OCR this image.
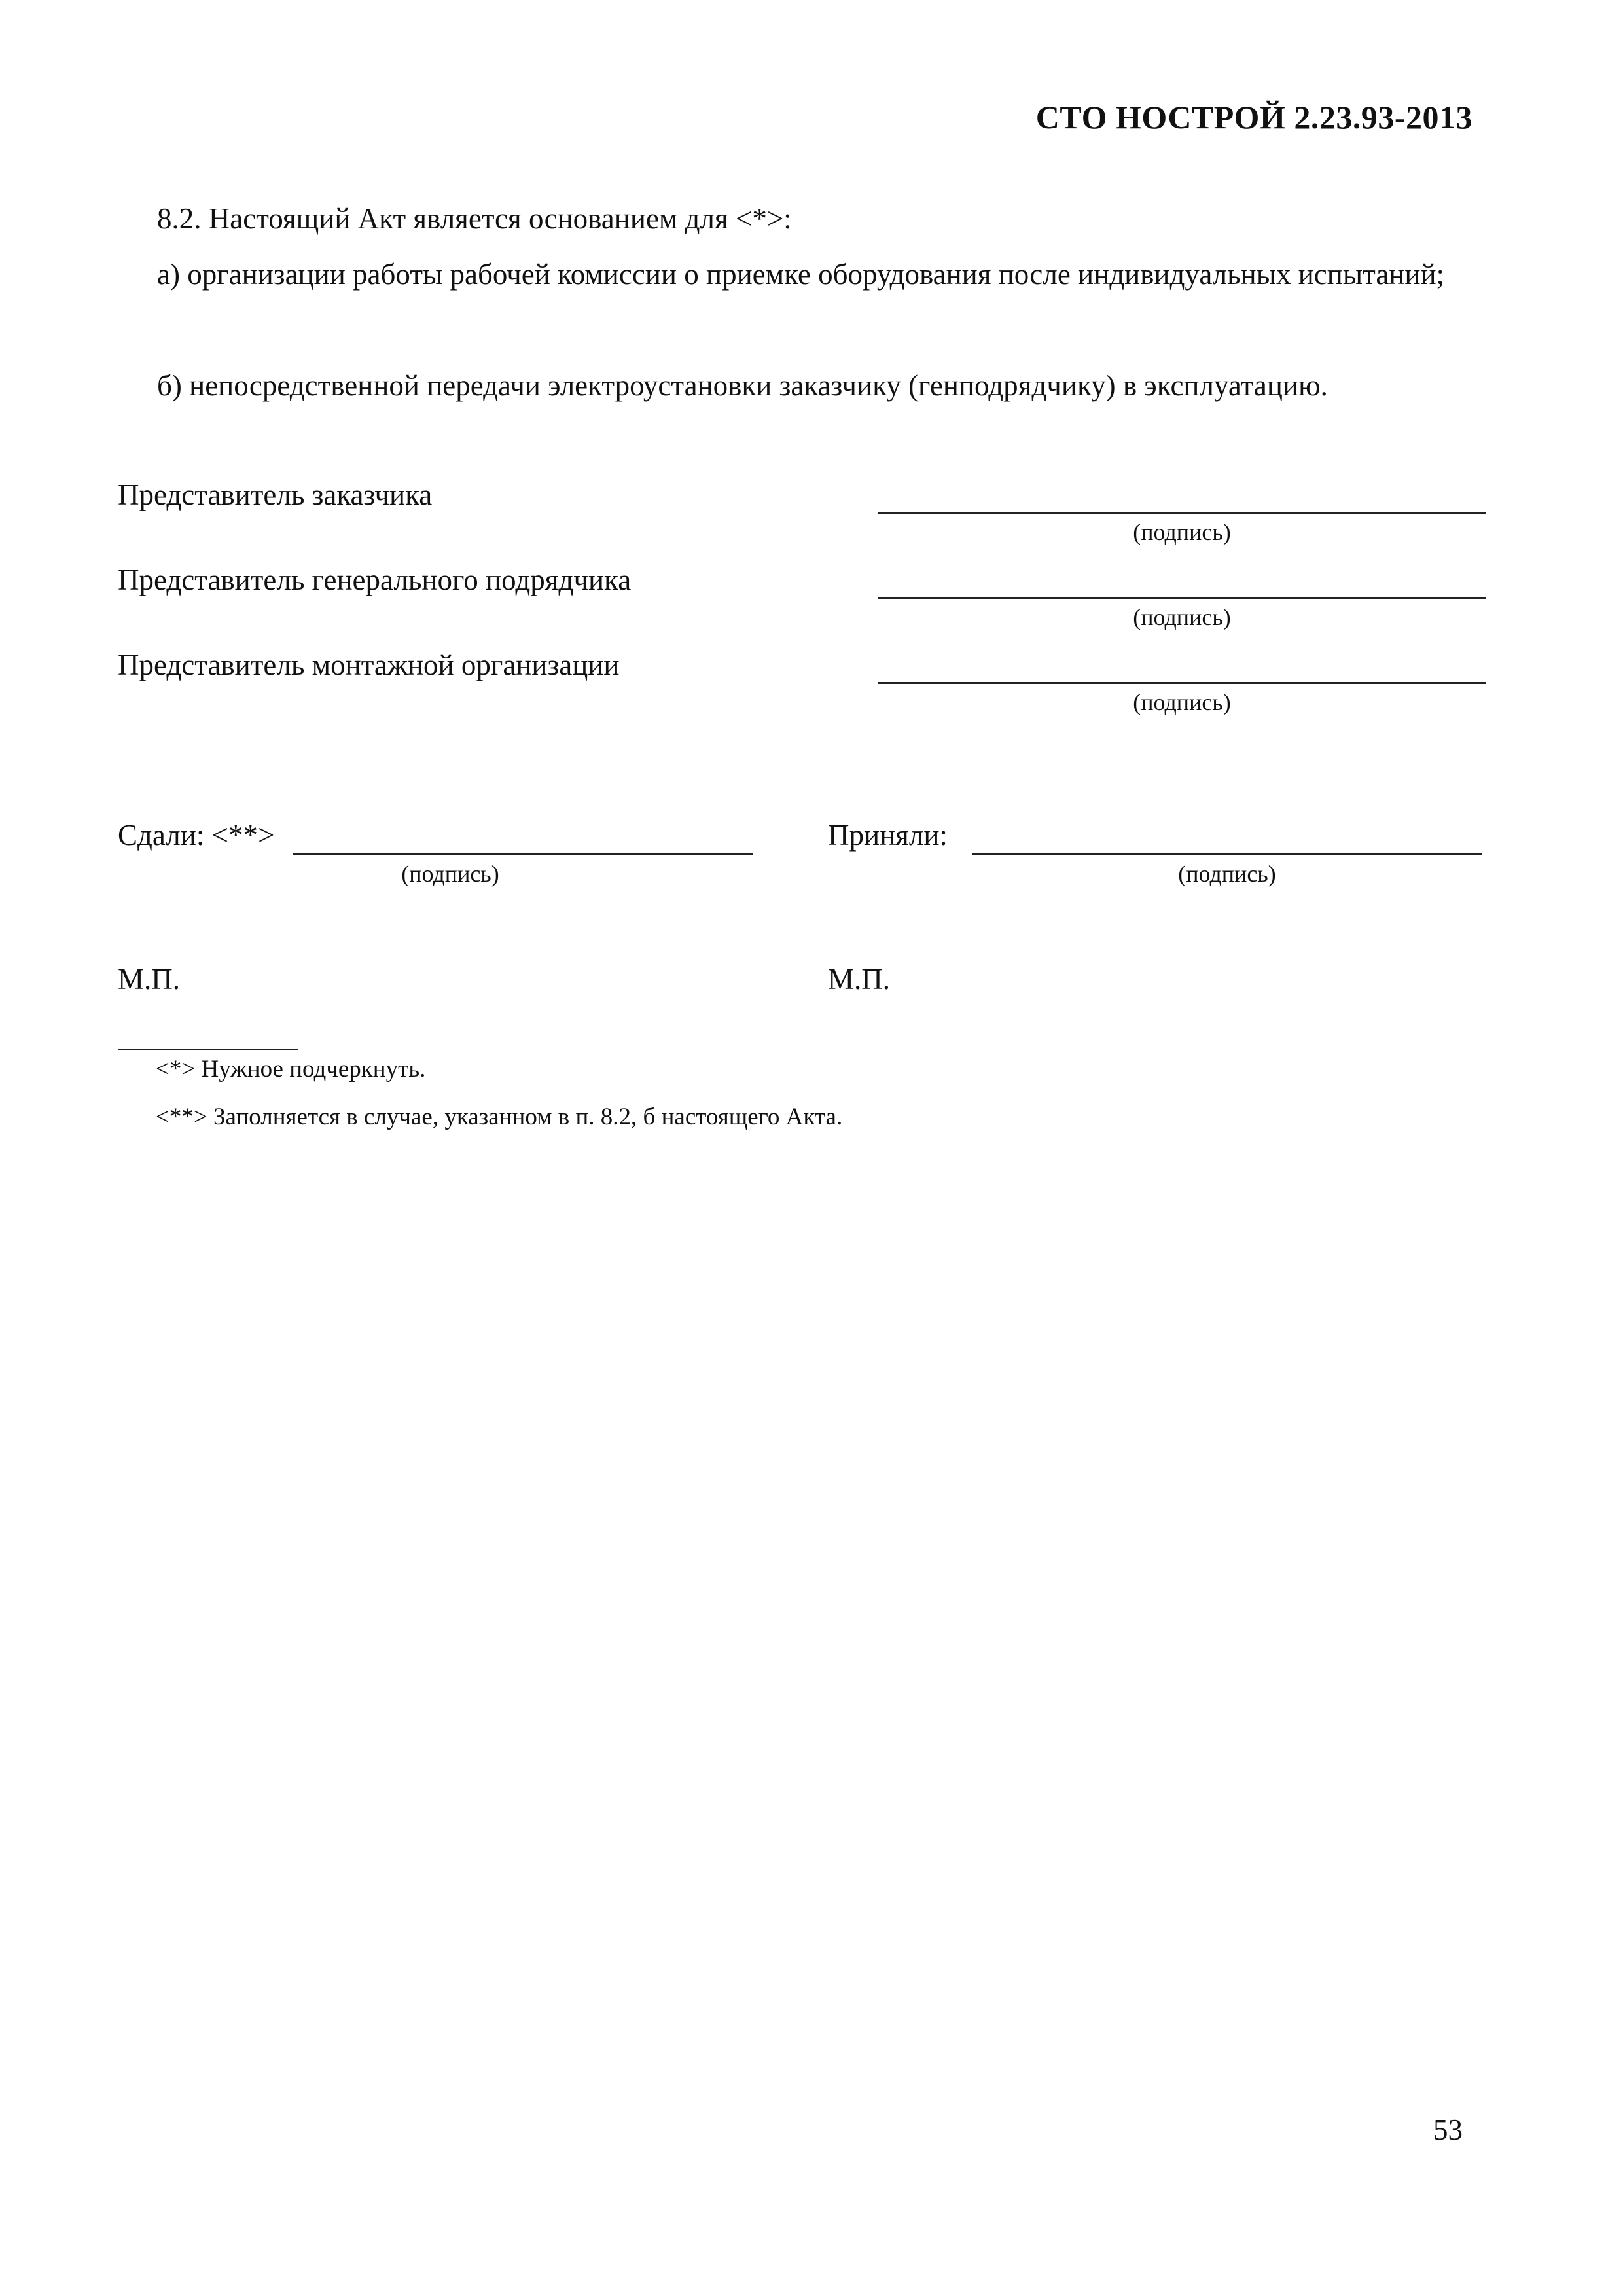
СТО НОСТРОЙ 2.23.93-2013
8.2. Настоящий Акт является основанием для <*>:
а) организации работы рабочей комиссии о приемке оборудования после индивидуальных испытаний;
б) непосредственной передачи электроустановки заказчику (генподрядчику) в эксплуатацию.
Представитель заказчика
(подпись)
Представитель генерального подрядчика
(подпись)
Представитель монтажной организации
(подпись)
Сдали: <**>
(подпись)
Приняли:
(подпись)
М.П.	М.П.
<*> Нужное подчеркнуть.
<**> Заполняется в случае, указанном в п. 8.2, б настоящего Акта.
53
